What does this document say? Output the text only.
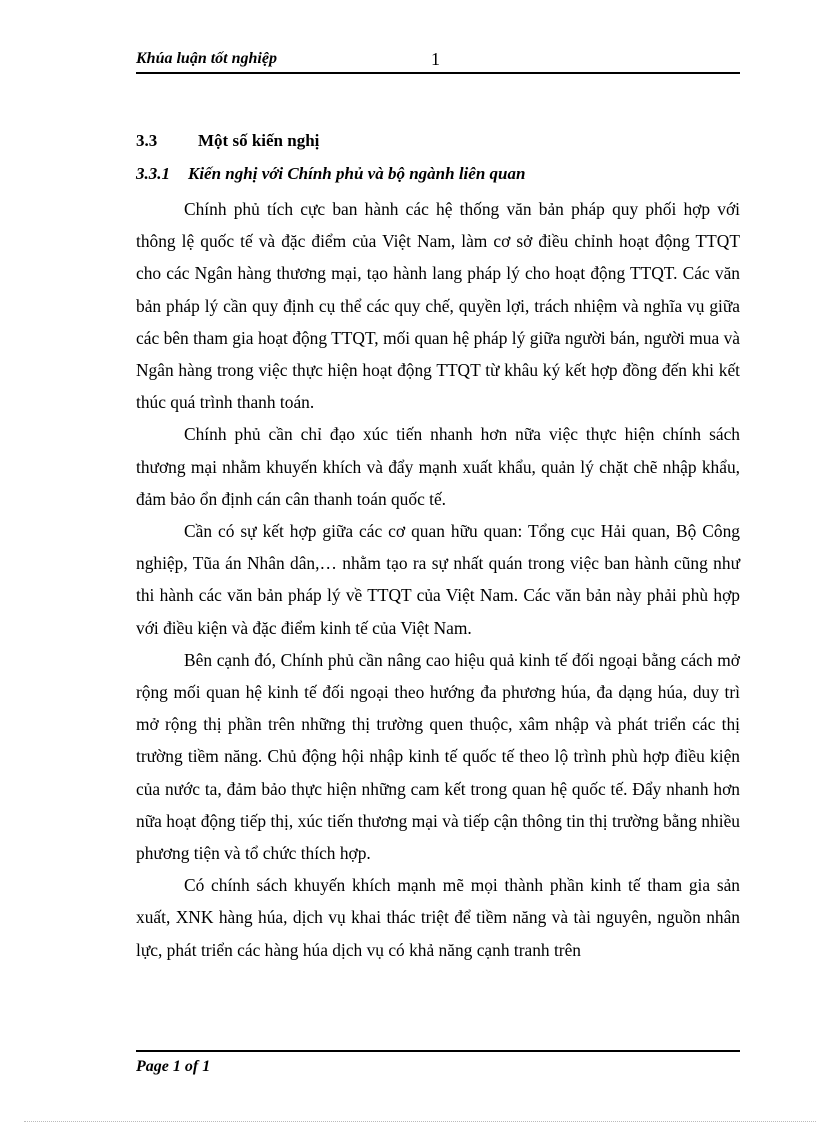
Khúa luận tốt nghiệp	1
3.3 Một số kiến nghị
3.3.1 Kiến nghị với Chính phủ và bộ ngành liên quan

Chính phủ tích cực ban hành các hệ thống văn bản pháp quy phối hợp với thông lệ quốc tế và đặc điểm của Việt Nam, làm cơ sở điều chỉnh hoạt động TTQT cho các Ngân hàng thương mại, tạo hành lang pháp lý cho hoạt động TTQT. Các văn bản pháp lý cần quy định cụ thể các quy chế, quyền lợi, trách nhiệm và nghĩa vụ giữa các bên tham gia hoạt động TTQT, mối quan hệ pháp lý giữa người bán, người mua và Ngân hàng trong việc thực hiện hoạt động TTQT từ khâu ký kết hợp đồng đến khi kết thúc quá trình thanh toán.

Chính phủ cần chỉ đạo xúc tiến nhanh hơn nữa việc thực hiện chính sách thương mại nhằm khuyến khích và đẩy mạnh xuất khẩu, quản lý chặt chẽ nhập khẩu, đảm bảo ổn định cán cân thanh toán quốc tế.

Cần có sự kết hợp giữa các cơ quan hữu quan: Tổng cục Hải quan, Bộ Công nghiệp, Tũa án Nhân dân,… nhằm tạo ra sự nhất quán trong việc ban hành cũng như thi hành các văn bản pháp lý về TTQT của Việt Nam. Các văn bản này phải phù hợp với điều kiện và đặc điểm kinh tế của Việt Nam.

Bên cạnh đó, Chính phủ cần nâng cao hiệu quả kinh tế đối ngoại bằng cách mở rộng mối quan hệ kinh tế đối ngoại theo hướng đa phương húa, đa dạng húa, duy trì mở rộng thị phần trên những thị trường quen thuộc, xâm nhập và phát triển các thị trường tiềm năng. Chủ động hội nhập kinh tế quốc tế theo lộ trình phù hợp điều kiện của nước ta, đảm bảo thực hiện những cam kết trong quan hệ quốc tế. Đẩy nhanh hơn nữa hoạt động tiếp thị, xúc tiến thương mại và tiếp cận thông tin thị trường bằng nhiều phương tiện và tổ chức thích hợp.

Có chính sách khuyến khích mạnh mẽ mọi thành phần kinh tế tham gia sản xuất, XNK hàng húa, dịch vụ khai thác triệt để tiềm năng và tài nguyên, nguồn nhân lực, phát triển các hàng húa dịch vụ có khả năng cạnh tranh trên

Page 1 of 1
